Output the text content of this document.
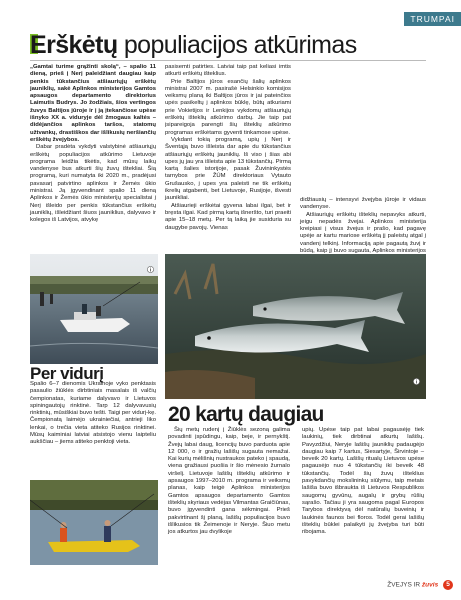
TRUMPAI
Erškėtų populiacijos atkūrimas

„Gamtai turime grąžinti skolą“, – spalio 11 dieną, prieš į Nerį paleidžiant daugiau kaip penkis tūkstančius atšiauriųjų erškėtų jauniklių, sakė Aplinkos ministerijos Gamtos apsaugos departamento direktorius Laimutis Budrys. Jo žodžiais, šios vertingos žuvys Baltijos jūroje ir į ją įtekančiose upėse išnyko XX a. viduryje dėl žmogaus kaltės – didėjančios aplinkos taršos, statomų užtvankų, drastiškos dar išlikusių neršiančių erškėtų žvejybos.

Dabar pradėta vykdyti valstybinė atšiauriųjų erškėtų populiacijos atkūrimo Lietuvoje programa leidžia tikėtis, kad mūsų laikų vandenyse bus atkurti šių žuvų ištekliai. Šią programą, kuri numatyta iki 2020 m., pradėjusi pavasarį patvirtino aplinkos ir Žemės ūkio ministrai. Ją įgyvendinant spalio 11 dieną Aplinkos ir Žemės ūkio ministerijų specialistai į Nerį išleido per penkis tūkstančius erškėtų jauniklių, išleidžiant šiuos jauniklius, dalyvavo ir kolegos iš Latvijos, atvykę

pasisemti patirties. Latviai taip pat keliasi imtis atkurti erškėtų išteklius.

Prie Baltijos jūros esančių šalių aplinkos ministrai 2007 m. pasirašė Helsinkio komisijos veiksmų planą iki Baltijos jūros ir jai pateinčios upės pasikeltų į aplinkos būklę, būtų atkuriami prie Vokietijos ir Lenkijos vykdomų atšiauriųjų erškėtų išteklių atkūrimo darbų. Jie taip pat įsipareigoja parengti šių išteklių atkūrimo programas erškėtams gyventi tinkamose upėse.

Vykdant tokią programą, upių į Nerį ir Šventąją buvo išleista dar apie du tūkstančius atšiauriųjų erškėtų jauniklių. Iš viso į šias abi upes jų jau yra išleista apie 13 tūkstančių. Pirmą kartą šalies istorijoje, pasak Žuvininkystės tarnybos prie ŽŪM direktoriaus Vytauto Grušausko, į upes yra paleisti ne tik erškėtų ikrelių atgabenti, bet Lietuvoje, Rusijoje, išvesti jaunikliai.

Atšiaurieji erškėtai gyvena labai ilgai, bet ir bręsta ilgai. Kad pirmą kartą išneršto, turi praeiti apie 15–18 metų. Per tą laiką jie susiduria su daugybe pavojų. Vienas

didžiausių – intensyvi žvejyba jūroje ir vidaus vandenyse.

Atšiauriųjų erškėtų išteklių nepavyks atkurti, jeigu nepadės žvejai. Aplinkos ministerija kreipiasi į visus žvejus ir prašo, kad pagavę upėje ar kartu mariose erškėtą jį paleistų atgal į vandenį telkinį. Informaciją apie pagautą žuvį ir būdą, kaip jį buvo sugauta, Aplinkos ministerijos

Per vidurį

Spalio 6–7 dienomis Ukrainoje vyko penktasis pasaulio žiūklės dirbtiniais masalais iš valčių čempionatas, kuriame dalyvavo ir Lietuvos spiningautojų rinktinė. Tarp 12 dalyvavusių rinktinių, mūsiškiai buvo tešti. Taigi per vidurį‑kę. Čempionatą laimėjo ukrainiečiai, antrieji liko lenkai, o trečia vieta atiteko Rusijos rinktinei. Mūsų kaiminiai latviai atsistojo vienu laipteliu aukščiau – jiems atiteko penktoji vieta.

20 kartų daugiau

Šių metų rudenį į Žiūklės sezoną galima povadinti įspūdingu, kaip, beje, ir pernykštį. Žvejų labai daug, licencijų buvo parduota apie 12 000, o ir gražių lašišų sugauta nemažai. Kai kurių mėlišnių nustraukos pateko į spaudą, viena gražiausi puošia ir šio mėnesio žurnalo viršelį. Lietuvoje lašišų išteklių atkūrimo ir apsaugos 1997–2010 m. programa ir veiksmų planas, kaip teigė Aplinkos ministerijos Gamtos apsaugos departamento Gamtos išteklių skyriaus vedėjas Vilmantas Graičiūnas, buvo įgyvendinti gana sėkmingai. Prieš pakvirtinant šį planą, lašišų populiacijos buvo išlikusios tik Žeimenoje ir Neryje. Šiuo metu jos atkurtos jau dvylikoje

upių. Upėse taip pat labai pagausėję tiek laukinių, tiek dirbtinai atkurtų lašišų. Pavyzdžiui, Neryje lašišų jauniklių padaugėjo daugiau kaip 7 kartus, Siesartyje, Širvintoje – beveik 20 kartų. Lašišų ritualų Lietuvos upėse pagausėjo nuo 4 tūkstančių iki beveik 48 tūkstančių. Todėl šių žuvų išteklius pavykdančių mokslininkų siūlymu, taip metais lašiša buvo išbraukta iš Lietuvos Respublikos saugomų gyvūnų, augalų ir grybų rūšių sąrašo. Tačiau ji yra saugoma pagal Europos Tarybos direktyvą dėl natūralių buveinių ir laukinės faunos bei floros. Todėl gerai lašišų išteklių būklei palaikyti jų žvejyba turi būti ribojama.

ŽVEJYS IR žuvis 5
